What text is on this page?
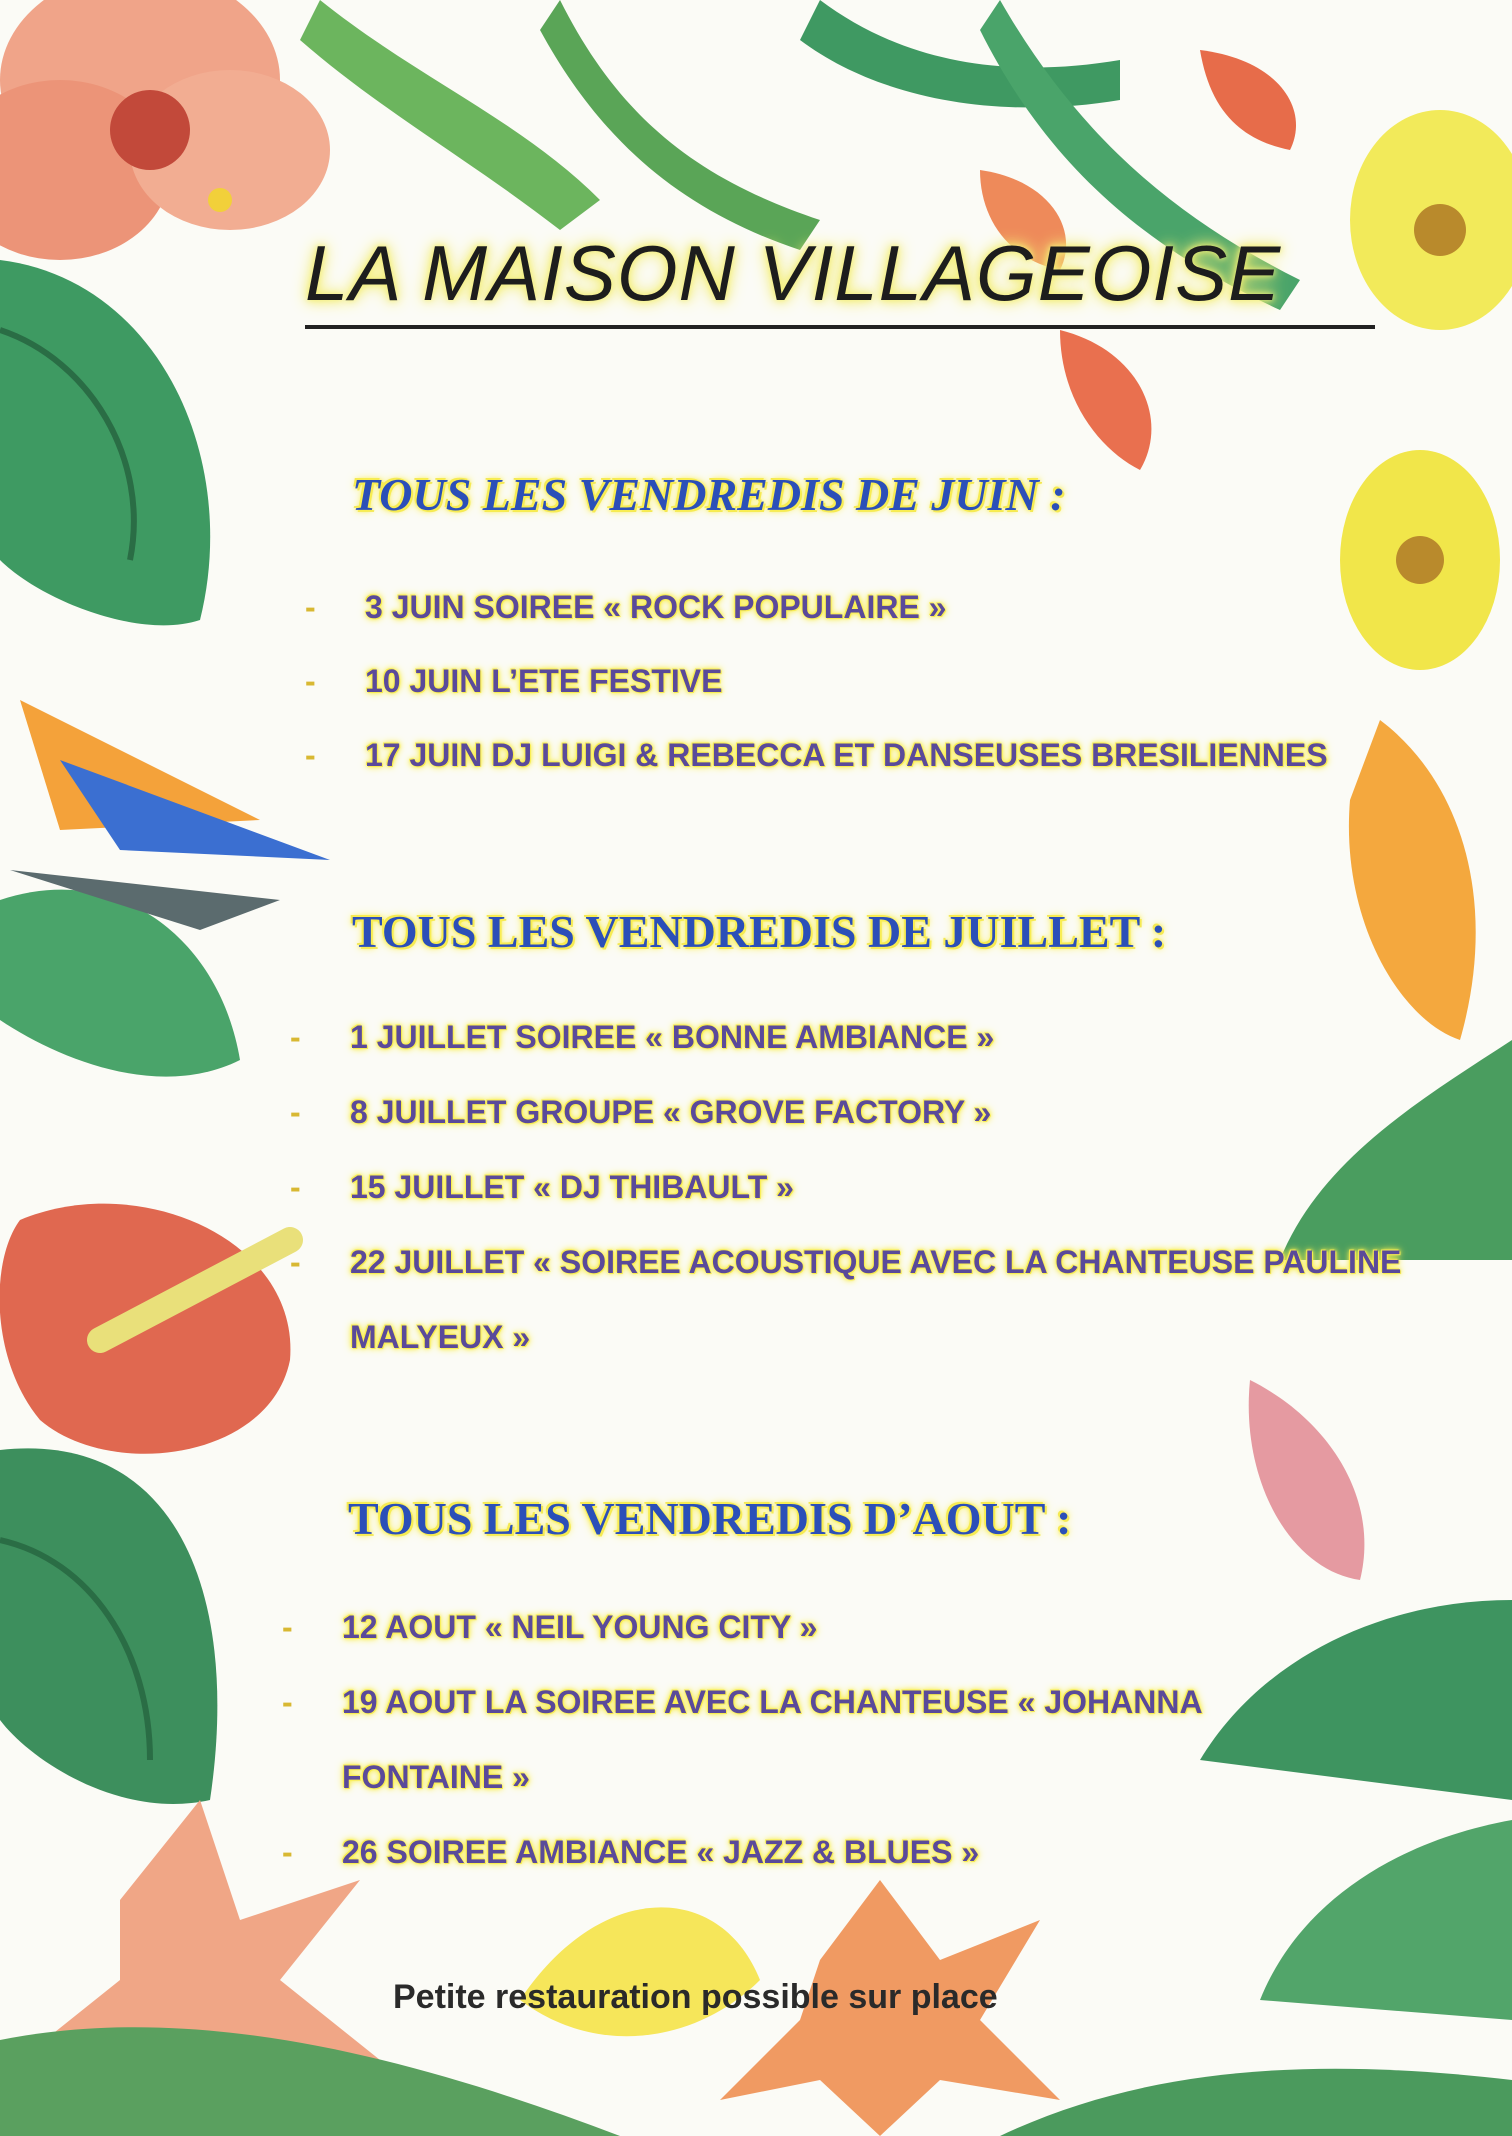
LA MAISON VILLAGEOISE
TOUS LES VENDREDIS DE JUIN :
-	3 JUIN SOIREE « ROCK POPULAIRE »
-	10 JUIN L’ETE FESTIVE
-	17 JUIN DJ LUIGI & REBECCA ET DANSEUSES BRESILIENNES
TOUS LES VENDREDIS DE JUILLET :
-	1 JUILLET SOIREE « BONNE AMBIANCE »
-	8 JUILLET GROUPE « GROVE FACTORY »
-	15 JUILLET « DJ THIBAULT »
-	22 JUILLET « SOIREE ACOUSTIQUE AVEC LA CHANTEUSE PAULINE
MALYEUX »
TOUS LES VENDREDIS D’AOUT :
-	12 AOUT « NEIL YOUNG CITY »
-	19 AOUT LA SOIREE AVEC LA CHANTEUSE « JOHANNA
FONTAINE »
-	26 SOIREE AMBIANCE « JAZZ & BLUES »

Petite restauration possible sur place
